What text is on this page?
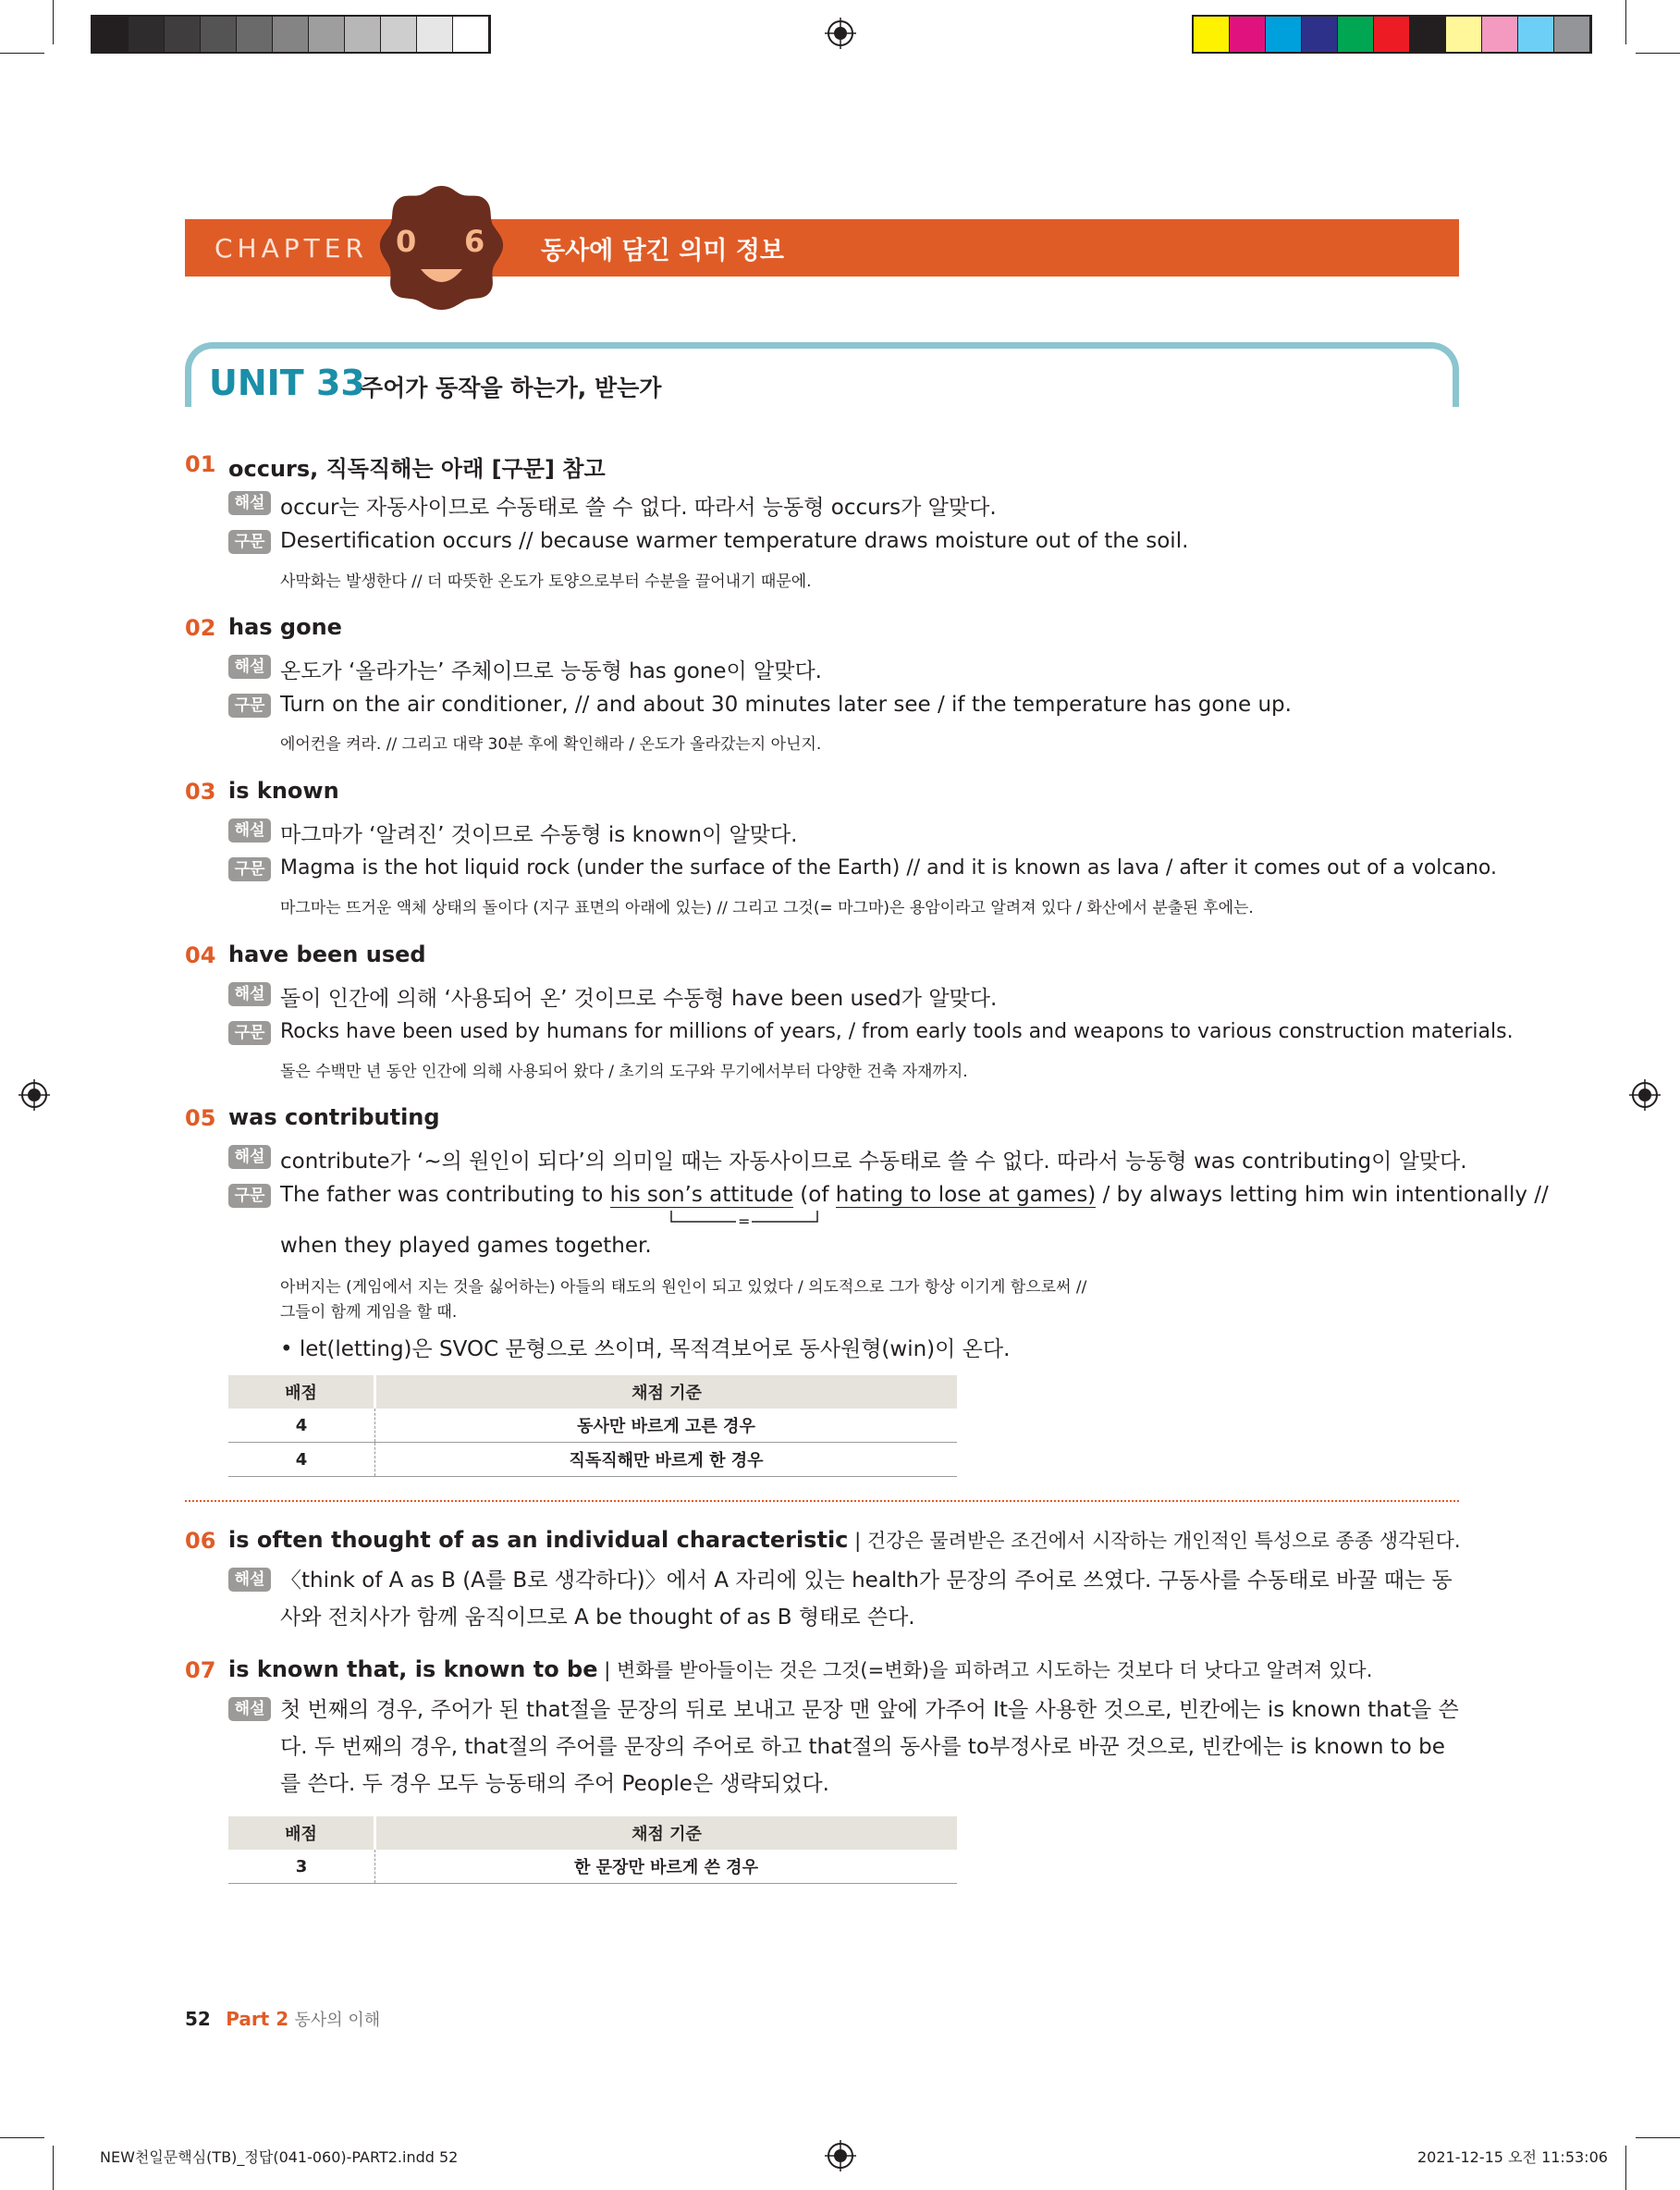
CHAPTER 0 6 동사에 담긴 의미 정보
UNIT 33
주어가 동작을 하는가, 받는가
01 occurs, 직독직해는 아래 [구문] 참고
해설 occur는 자동사이므로 수동태로 쓸 수 없다. 따라서 능동형 occurs가 알맞다.
구문 Desertification occurs // because warmer temperature draws moisture out of the soil.
사막화는 발생한다 // 더 따뜻한 온도가 토양으로부터 수분을 끌어내기 때문에.
02 has gone
해설 온도가 ‘올라가는’ 주체이므로 능동형 has gone이 알맞다.
구문 Turn on the air conditioner, // and about 30 minutes later see / if the temperature has gone up.
에어컨을 켜라. // 그리고 대략 30분 후에 확인해라 / 온도가 올라갔는지 아닌지.
03 is known
해설 마그마가 ‘알려진’ 것이므로 수동형 is known이 알맞다.
구문 Magma is the hot liquid rock (under the surface of the Earth) // and it is known as lava / after it comes out of a volcano.
마그마는 뜨거운 액체 상태의 돌이다 (지구 표면의 아래에 있는) // 그리고 그것(= 마그마)은 용암이라고 알려져 있다 / 화산에서 분출된 후에는.
04 have been used
해설 돌이 인간에 의해 ‘사용되어 온’ 것이므로 수동형 have been used가 알맞다.
구문 Rocks have been used by humans for millions of years, / from early tools and weapons to various construction materials.
돌은 수백만 년 동안 인간에 의해 사용되어 왔다 / 초기의 도구와 무기에서부터 다양한 건축 자재까지.
05 was contributing
해설 contribute가 ‘~의 원인이 되다’의 의미일 때는 자동사이므로 수동태로 쓸 수 없다. 따라서 능동형 was contributing이 알맞다.
구문 The father was contributing to his son’s attitude (of hating to lose at games) / by always letting him win intentionally //
=
when they played games together.
아버지는 (게임에서 지는 것을 싫어하는) 아들의 태도의 원인이 되고 있었다 / 의도적으로 그가 항상 이기게 함으로써 //
그들이 함께 게임을 할 때.
• let(letting)은 SVOC 문형으로 쓰이며, 목적격보어로 동사원형(win)이 온다.
배점	채점 기준
4	동사만 바르게 고른 경우
4	직독직해만 바르게 한 경우
06 is often thought of as an individual characteristic | 건강은 물려받은 조건에서 시작하는 개인적인 특성으로 종종 생각된다.
해설 〈think of A as B (A를 B로 생각하다)〉에서 A 자리에 있는 health가 문장의 주어로 쓰였다. 구동사를 수동태로 바꿀 때는 동사와 전치사가 함께 움직이므로 A be thought of as B 형태로 쓴다.
07 is known that, is known to be | 변화를 받아들이는 것은 그것(=변화)을 피하려고 시도하는 것보다 더 낫다고 알려져 있다.
해설 첫 번째의 경우, 주어가 된 that절을 문장의 뒤로 보내고 문장 맨 앞에 가주어 It을 사용한 것으로, 빈칸에는 is known that을 쓴다. 두 번째의 경우, that절의 주어를 문장의 주어로 하고 that절의 동사를 to부정사로 바꾼 것으로, 빈칸에는 is known to be를 쓴다. 두 경우 모두 능동태의 주어 People은 생략되었다.
배점	채점 기준
3	한 문장만 바르게 쓴 경우
52 Part 2 동사의 이해
NEW천일문핵심(TB)_정답(041-060)-PART2.indd 52	2021-12-15 오전 11:53:06
